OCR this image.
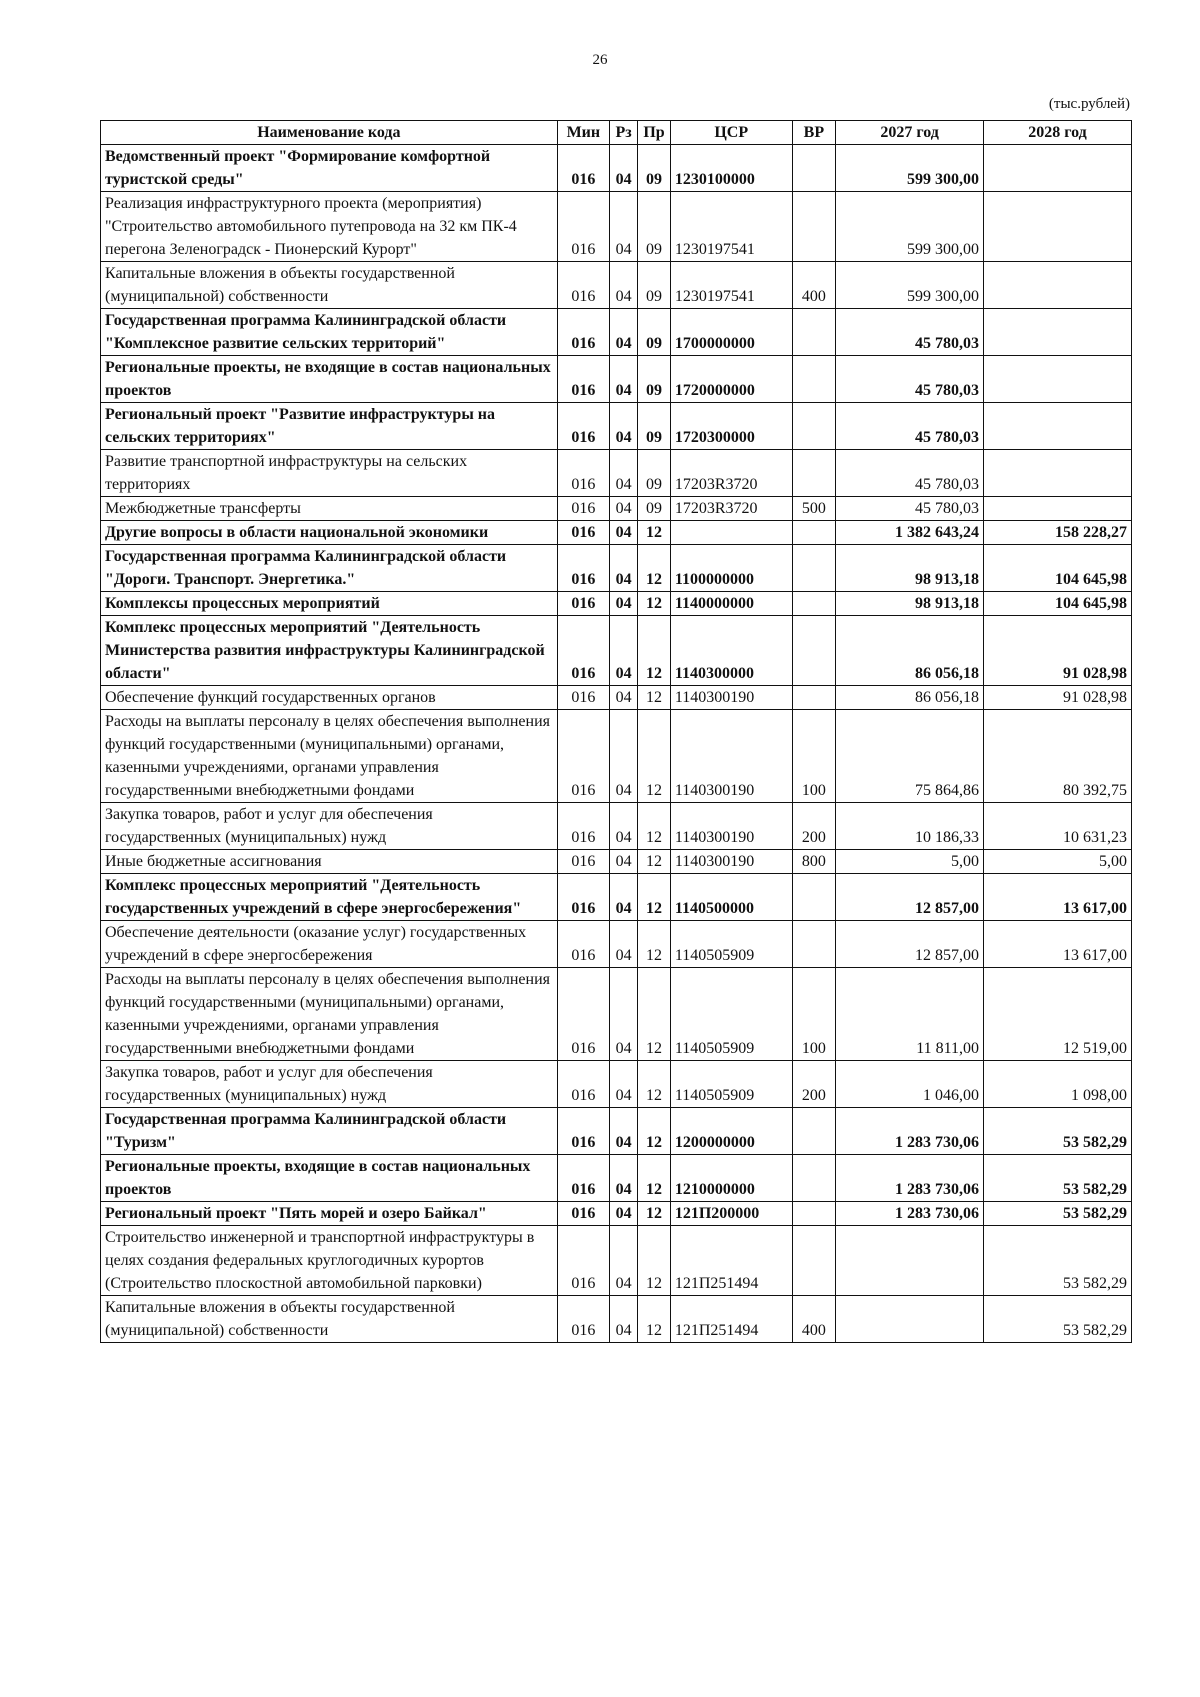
26
(тыс.рублей)
Наименование кода	Мин	Рз	Пр	ЦСР	ВР	2027 год	2028 год
Ведомственный проект "Формирование комфортной туристской среды"	016	04	09	1230100000		599 300,00	
Реализация инфраструктурного проекта (мероприятия) "Строительство автомобильного путепровода на 32 км ПК-4 перегона Зеленоградск - Пионерский Курорт"	016	04	09	1230197541		599 300,00	
Капитальные вложения в объекты государственной (муниципальной) собственности	016	04	09	1230197541	400	599 300,00	
Государственная программа Калининградской области "Комплексное развитие сельских территорий"	016	04	09	1700000000		45 780,03	
Региональные проекты, не входящие в состав национальных проектов	016	04	09	1720000000		45 780,03	
Региональный проект "Развитие инфраструктуры на сельских территориях"	016	04	09	1720300000		45 780,03	
Развитие транспортной инфраструктуры на сельских территориях	016	04	09	17203R3720		45 780,03	
Межбюджетные трансферты	016	04	09	17203R3720	500	45 780,03	
Другие вопросы в области национальной экономики	016	04	12			1 382 643,24	158 228,27
Государственная программа Калининградской области "Дороги. Транспорт. Энергетика."	016	04	12	1100000000		98 913,18	104 645,98
Комплексы процессных мероприятий	016	04	12	1140000000		98 913,18	104 645,98
Комплекс процессных мероприятий "Деятельность Министерства развития инфраструктуры Калининградской области"	016	04	12	1140300000		86 056,18	91 028,98
Обеспечение функций государственных органов	016	04	12	1140300190		86 056,18	91 028,98
Расходы на выплаты персоналу в целях обеспечения выполнения функций государственными (муниципальными) органами, казенными учреждениями, органами управления государственными внебюджетными фондами	016	04	12	1140300190	100	75 864,86	80 392,75
Закупка товаров, работ и услуг для обеспечения государственных (муниципальных) нужд	016	04	12	1140300190	200	10 186,33	10 631,23
Иные бюджетные ассигнования	016	04	12	1140300190	800	5,00	5,00
Комплекс процессных мероприятий "Деятельность государственных учреждений в сфере энергосбережения"	016	04	12	1140500000		12 857,00	13 617,00
Обеспечение деятельности (оказание услуг) государственных учреждений в сфере энергосбережения	016	04	12	1140505909		12 857,00	13 617,00
Расходы на выплаты персоналу в целях обеспечения выполнения функций государственными (муниципальными) органами, казенными учреждениями, органами управления государственными внебюджетными фондами	016	04	12	1140505909	100	11 811,00	12 519,00
Закупка товаров, работ и услуг для обеспечения государственных (муниципальных) нужд	016	04	12	1140505909	200	1 046,00	1 098,00
Государственная программа Калининградской области "Туризм"	016	04	12	1200000000		1 283 730,06	53 582,29
Региональные проекты, входящие в состав национальных проектов	016	04	12	1210000000		1 283 730,06	53 582,29
Региональный проект "Пять морей и озеро Байкал"	016	04	12	121П200000		1 283 730,06	53 582,29
Строительство инженерной и транспортной инфраструктуры в целях создания федеральных круглогодичных курортов (Строительство плоскостной автомобильной парковки)	016	04	12	121П251494			53 582,29
Капитальные вложения в объекты государственной (муниципальной) собственности	016	04	12	121П251494	400		53 582,29
